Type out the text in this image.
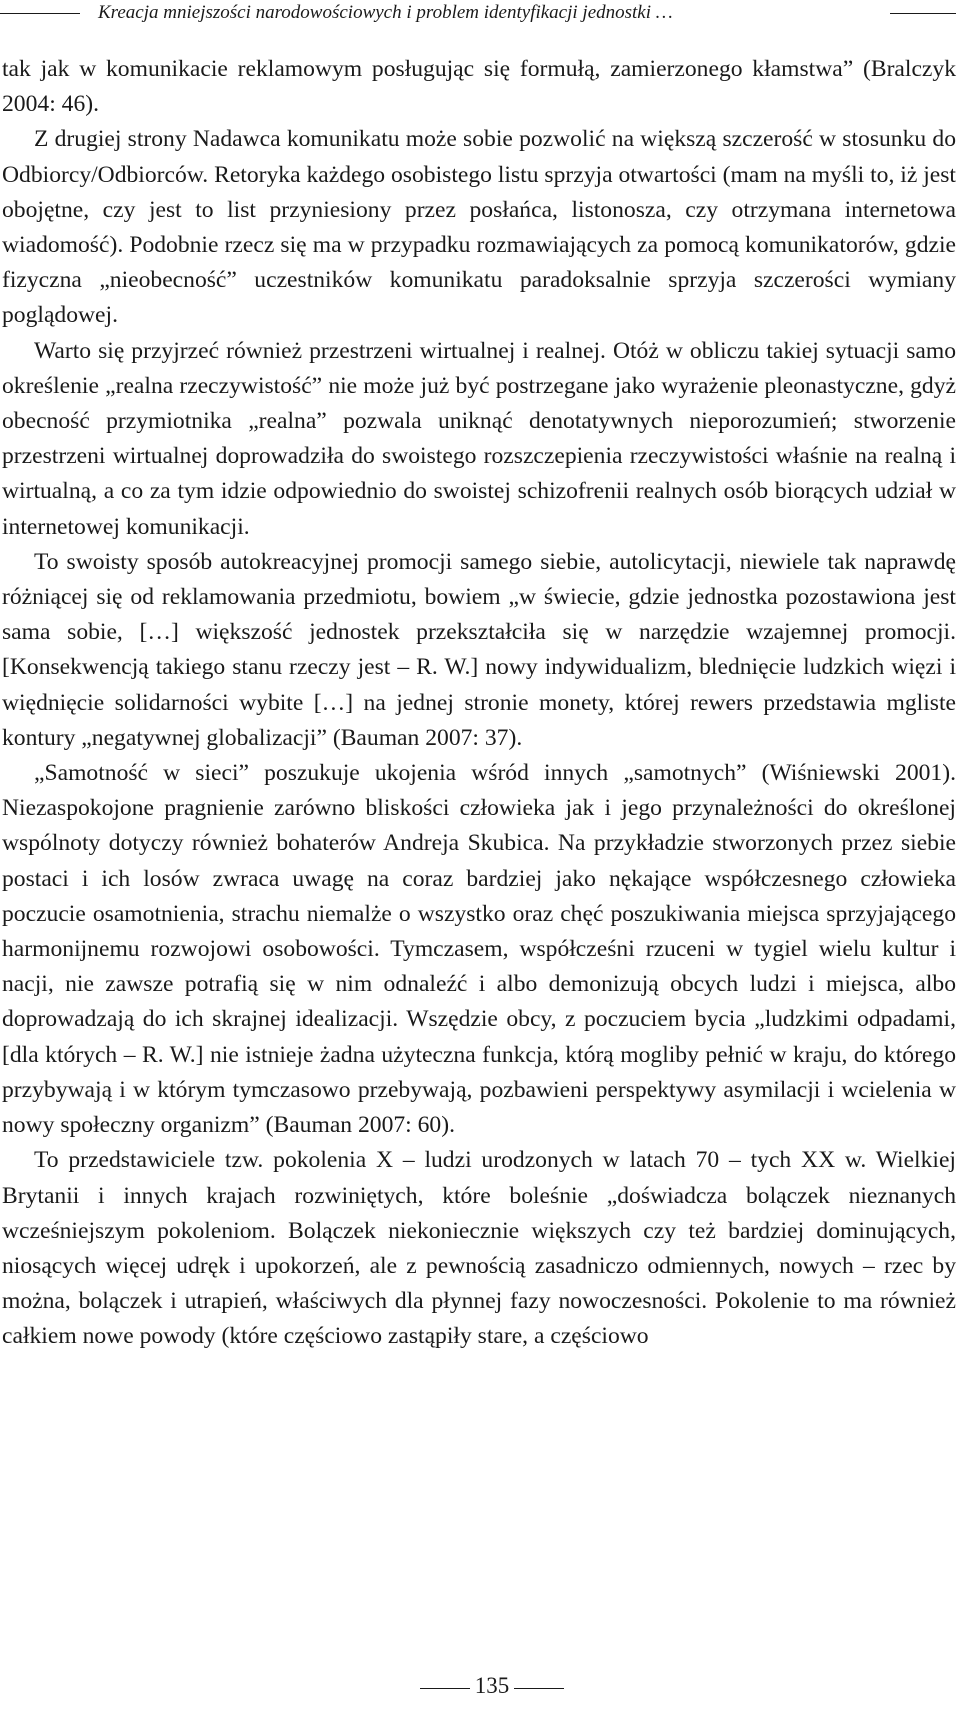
Kreacja mniejszości narodowościowych i problem identyfikacji jednostki …

tak jak w komunikacie reklamowym posługując się formułą, zamierzonego kłamstwa” (Bralczyk 2004: 46).

Z drugiej strony Nadawca komunikatu może sobie pozwolić na większą szczerość w stosunku do Odbiorcy/Odbiorców. Retoryka każdego osobistego listu sprzyja otwartości (mam na myśli to, iż jest obojętne, czy jest to list przyniesiony przez posłańca, listonosza, czy otrzymana internetowa wiadomość). Podobnie rzecz się ma w przypadku rozmawiających za pomocą komunikatorów, gdzie fizyczna „nieobecność” uczestników komunikatu paradoksalnie sprzyja szczerości wymiany poglądowej.

Warto się przyjrzeć również przestrzeni wirtualnej i realnej. Otóż w obliczu takiej sytuacji samo określenie „realna rzeczywistość” nie może już być postrzegane jako wyrażenie pleonastyczne, gdyż obecność przymiotnika „realna” pozwala uniknąć denotatywnych nieporozumień; stworzenie przestrzeni wirtualnej doprowadziła do swoistego rozszczepienia rzeczywistości właśnie na realną i wirtualną, a co za tym idzie odpowiednio do swoistej schizofrenii realnych osób biorących udział w internetowej komunikacji.

To swoisty sposób autokreacyjnej promocji samego siebie, autolicytacji, niewiele tak naprawdę różniącej się od reklamowania przedmiotu, bowiem „w świecie, gdzie jednostka pozostawiona jest sama sobie, […] większość jednostek przekształciła się w narzędzie wzajemnej promocji. [Konsekwencją takiego stanu rzeczy jest – R. W.] nowy indywidualizm, blednięcie ludzkich więzi i więdnięcie solidarności wybite […] na jednej stronie monety, której rewers przedstawia mgliste kontury „negatywnej globalizacji” (Bauman 2007: 37).

„Samotność w sieci” poszukuje ukojenia wśród innych „samotnych” (Wiśniewski 2001). Niezaspokojone pragnienie zarówno bliskości człowieka jak i jego przynależności do określonej wspólnoty dotyczy również bohaterów Andreja Skubica. Na przykładzie stworzonych przez siebie postaci i ich losów zwraca uwagę na coraz bardziej jako nękające współczesnego człowieka poczucie osamotnienia, strachu niemalże o wszystko oraz chęć poszukiwania miejsca sprzyjającego harmonijnemu rozwojowi osobowości. Tymczasem, współcześni rzuceni w tygiel wielu kultur i nacji, nie zawsze potrafią się w nim odnaleźć i albo demonizują obcych ludzi i miejsca, albo doprowadzają do ich skrajnej idealizacji. Wszędzie obcy, z poczuciem bycia „ludzkimi odpadami, [dla których – R. W.] nie istnieje żadna użyteczna funkcja, którą mogliby pełnić w kraju, do którego przybywają i w którym tymczasowo przebywają, pozbawieni perspektywy asymilacji i wcielenia w nowy społeczny organizm” (Bauman 2007: 60).

To przedstawiciele tzw. pokolenia X – ludzi urodzonych w latach 70 – tych XX w. Wielkiej Brytanii i innych krajach rozwiniętych, które boleśnie „doświadcza bolączek nieznanych wcześniejszym pokoleniom. Bolączek niekoniecznie większych czy też bardziej dominujących, niosących więcej udręk i upokorzeń, ale z pewnością zasadniczo odmiennych, nowych – rzec by można, bolączek i utrapień, właściwych dla płynnej fazy nowoczesności. Pokolenie to ma również całkiem nowe powody (które częściowo zastąpiły stare, a częściowo

135
